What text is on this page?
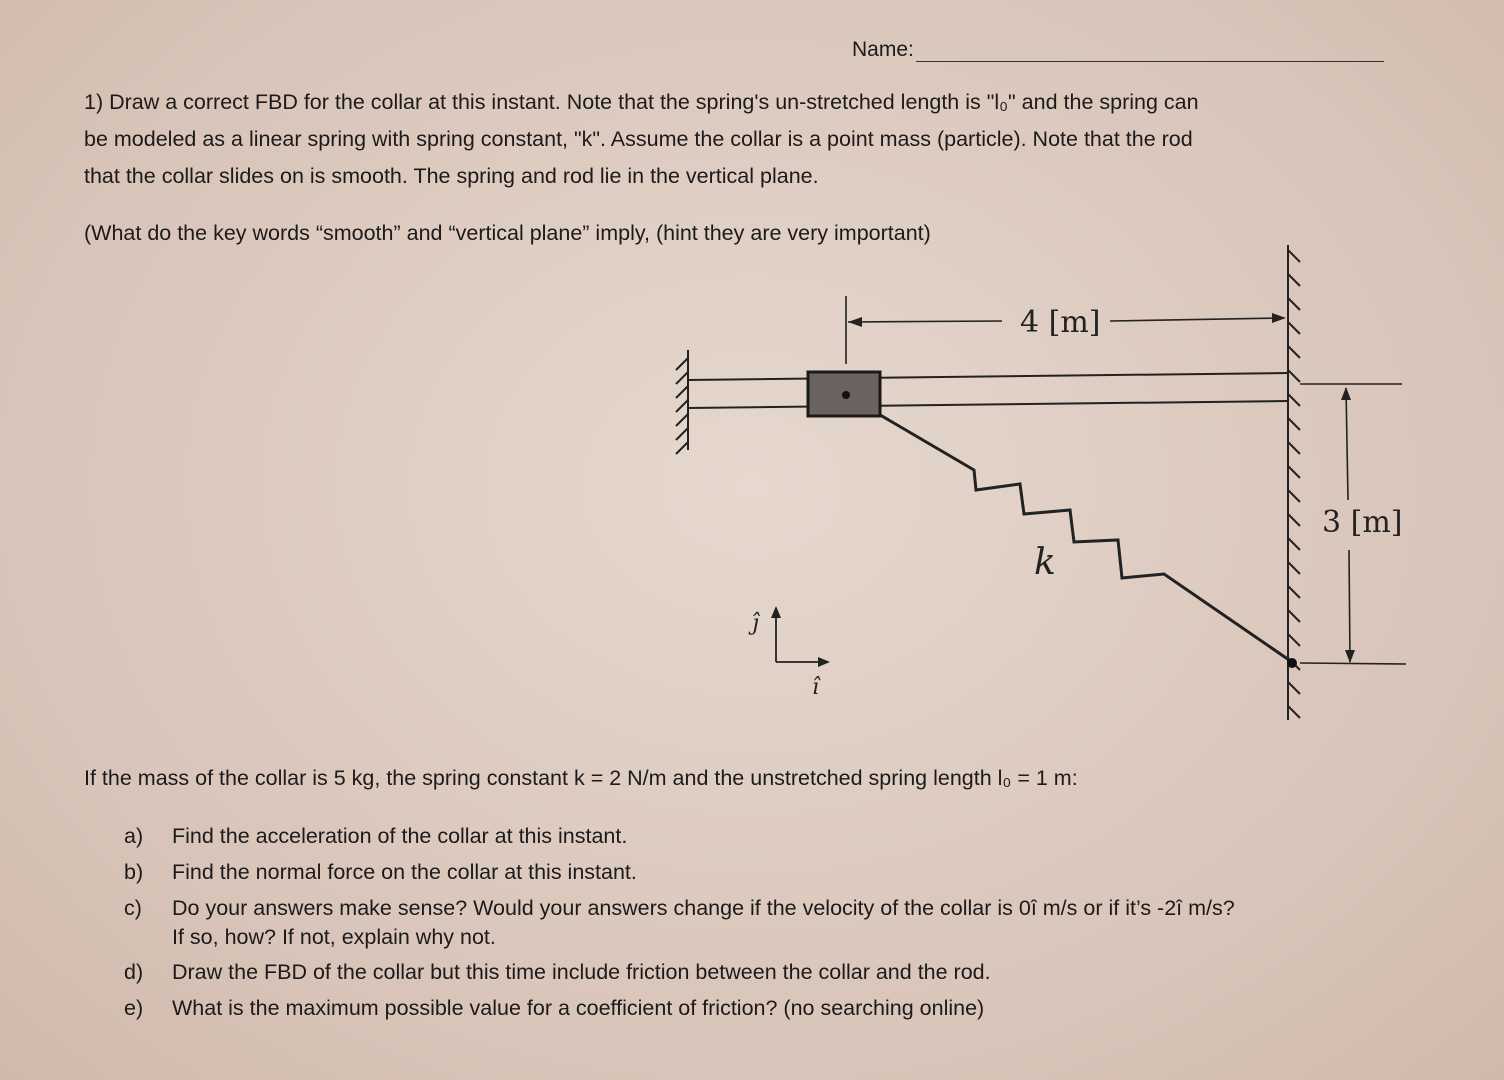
Name:
1) Draw a correct FBD for the collar at this instant. Note that the spring's un-stretched length is "l₀" and the spring can
be modeled as a linear spring with spring constant, "k". Assume the collar is a point mass (particle). Note that the rod
that the collar slides on is smooth. The spring and rod lie in the vertical plane.
(What do the key words “smooth” and “vertical plane” imply, (hint they are very important)
4 [m]
3 [m]
k
ĵ
î
If the mass of the collar is 5 kg, the spring constant k = 2 N/m and the unstretched spring length l₀ = 1 m:
a)	Find the acceleration of the collar at this instant.
b)	Find the normal force on the collar at this instant.
c)	Do your answers make sense? Would your answers change if the velocity of the collar is 0î m/s or if it’s -2î m/s?
If so, how? If not, explain why not.
d)	Draw the FBD of the collar but this time include friction between the collar and the rod.
e)	What is the maximum possible value for a coefficient of friction? (no searching online)
